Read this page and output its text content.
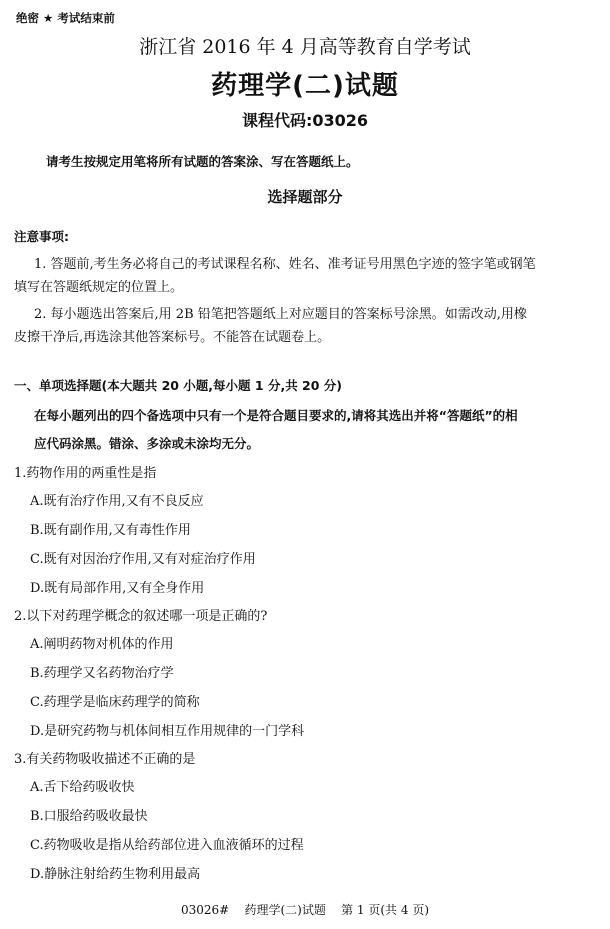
绝密 ★ 考试结束前
浙江省 2016 年 4 月高等教育自学考试
药理学(二)试题
课程代码:03026
请考生按规定用笔将所有试题的答案涂、写在答题纸上。
选择题部分
注意事项:
1. 答题前,考生务必将自己的考试课程名称、姓名、准考证号用黑色字迹的签字笔或钢笔
填写在答题纸规定的位置上。
2. 每小题选出答案后,用 2B 铅笔把答题纸上对应题目的答案标号涂黑。如需改动,用橡
皮擦干净后,再选涂其他答案标号。不能答在试题卷上。
一、单项选择题(本大题共 20 小题,每小题 1 分,共 20 分)
在每小题列出的四个备选项中只有一个是符合题目要求的,请将其选出并将“答题纸”的相
应代码涂黑。错涂、多涂或未涂均无分。
1.药物作用的两重性是指
A.既有治疗作用,又有不良反应
B.既有副作用,又有毒性作用
C.既有对因治疗作用,又有对症治疗作用
D.既有局部作用,又有全身作用
2.以下对药理学概念的叙述哪一项是正确的?
A.阐明药物对机体的作用
B.药理学又名药物治疗学
C.药理学是临床药理学的简称
D.是研究药物与机体间相互作用规律的一门学科
3.有关药物吸收描述不正确的是
A.舌下给药吸收快
B.口服给药吸收最快
C.药物吸收是指从给药部位进入血液循环的过程
D.静脉注射给药生物利用最高
03026#    药理学(二)试题    第 1 页(共 4 页)
